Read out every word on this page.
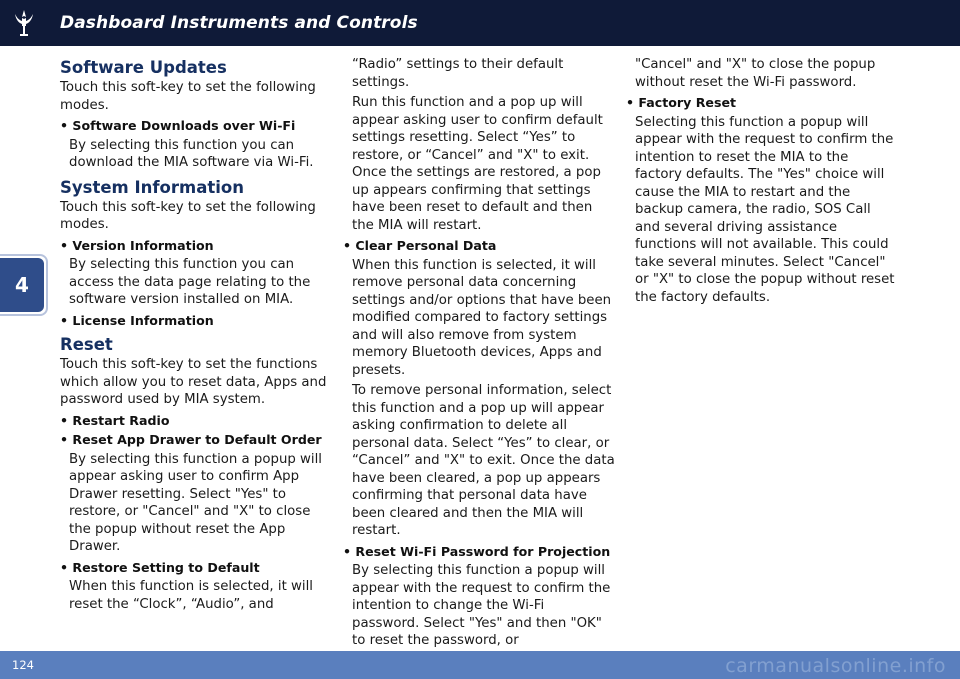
Dashboard Instruments and Controls
4
Software Updates

Touch this soft-key to set the following modes.

• Software Downloads over Wi-Fi

By selecting this function you can download the MIA software via Wi-Fi.

System Information

Touch this soft-key to set the following modes.

• Version Information

By selecting this function you can access the data page relating to the software version installed on MIA.

• License Information
Reset

Touch this soft-key to set the functions which allow you to reset data, Apps and password used by MIA system.

• Restart Radio
• Reset App Drawer to Default Order

By selecting this function a popup will appear asking user to confirm App Drawer resetting. Select "Yes" to restore, or "Cancel" and "X" to close the popup without reset the App Drawer.

• Restore Setting to Default

When this function is selected, it will reset the “Clock”, “Audio”, and

“Radio” settings to their default settings.

Run this function and a pop up will appear asking user to confirm default settings resetting. Select “Yes” to restore, or “Cancel” and "X" to exit. Once the settings are restored, a pop up appears confirming that settings have been reset to default and then the MIA will restart.

• Clear Personal Data

When this function is selected, it will remove personal data concerning settings and/or options that have been modified compared to factory settings and will also remove from system memory Bluetooth devices, Apps and presets.

To remove personal information, select this function and a pop up will appear asking confirmation to delete all personal data. Select “Yes” to clear, or “Cancel” and "X" to exit. Once the data have been cleared, a pop up appears confirming that personal data have been cleared and then the MIA will restart.

• Reset Wi-Fi Password for Projection

By selecting this function a popup will appear with the request to confirm the intention to change the Wi-Fi password. Select "Yes" and then "OK" to reset the password, or

"Cancel" and "X" to close the popup without reset the Wi-Fi password.

• Factory Reset

Selecting this function a popup will appear with the request to confirm the intention to reset the MIA to the factory defaults. The "Yes" choice will cause the MIA to restart and the backup camera, the radio, SOS Call and several driving assistance functions will not available. This could take several minutes. Select "Cancel" or "X" to close the popup without reset the factory defaults.

124	carmanualsonline.info
